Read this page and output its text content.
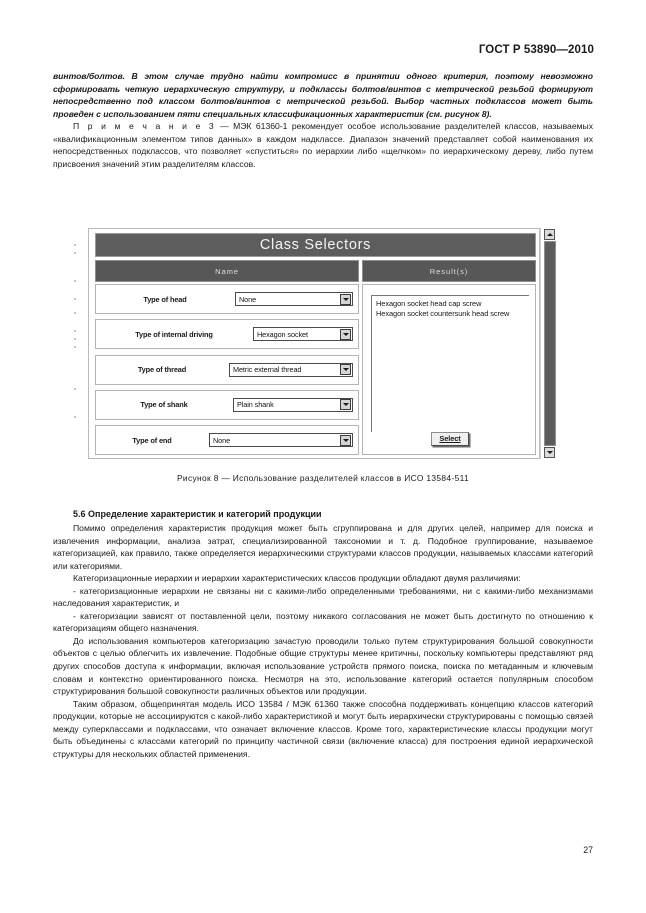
ГОСТ Р 53890—2010

винтов/болтов. В этом случае трудно найти компромисс в принятии одного критерия, поэтому невозможно сформировать четкую иерархическую структуру, и подклассы болтов/винтов с метрической резьбой формируют непосредственно под классом болтов/винтов с метрической резьбой. Выбор частных подклассов может быть проведен с использованием пяти специальных классификационных характеристик (см. рисунок 8).

П р и м е ч а н и е 3 — МЭК 61360-1 рекомендует особое использование разделителей классов, называемых «квалификационным элементом типов данных» в каждом надклассе. Диапазон значений представляет собой наименования их непосредственных подклассов, что позволяет «спуститься» по иерархии либо «щелчком» по иерархическому дереву, либо путем присвоения значений этим разделителям классов.

Class Selectors
Name	Result(s)
Type of head	None
Type of internal driving	Hexagon socket
Type of thread	Metric external thread
Type of shank	Plain shank
Type of end	None
Hexagon socket head cap screw
Hexagon socket countersunk head screw
Select
Рисунок 8 — Использование разделителей классов в ИСО 13584-511
5.6 Определение характеристик и категорий продукции

Помимо определения характеристик продукция может быть сгруппирована и для других целей, например для поиска и извлечения информации, анализа затрат, специализированной таксономии и т. д. Подобное группирование, называемое категоризацией, как правило, также определяется иерархическими структурами классов продукции, называемых классами категорий или категориями.

Категоризационные иерархии и иерархии характеристических классов продукции обладают двумя различиями:

- категоризационные иерархии не связаны ни с какими-либо определенными требованиями, ни с какими-либо механизмами наследования характеристик, и

- категоризации зависят от поставленной цели, поэтому никакого согласования не может быть достигнуто по отношению к категоризациям общего назначения.

До использования компьютеров категоризацию зачастую проводили только путем структурирования большой совокупности объектов с целью облегчить их извлечение. Подобные общие структуры менее критичны, поскольку компьютеры представляют ряд других способов доступа к информации, включая использование устройств прямого поиска, поиска по метаданным и ключевым словам и контекстно ориентированного поиска. Несмотря на это, использование категорий остается популярным способом структурирования большой совокупности различных объектов или продукции.

Таким образом, общепринятая модель ИСО 13584 / МЭК 61360 также способна поддерживать концепцию классов категорий продукции, которые не ассоциируются с какой-либо характеристикой и могут быть иерархически структурированы с помощью связей между суперклассами и подклассами, что означает включение классов. Кроме того, характеристические классы продукции могут быть объединены с классами категорий по принципу частичной связи (включение класса) для построения единой иерархической структуры для нескольких областей применения.

27
